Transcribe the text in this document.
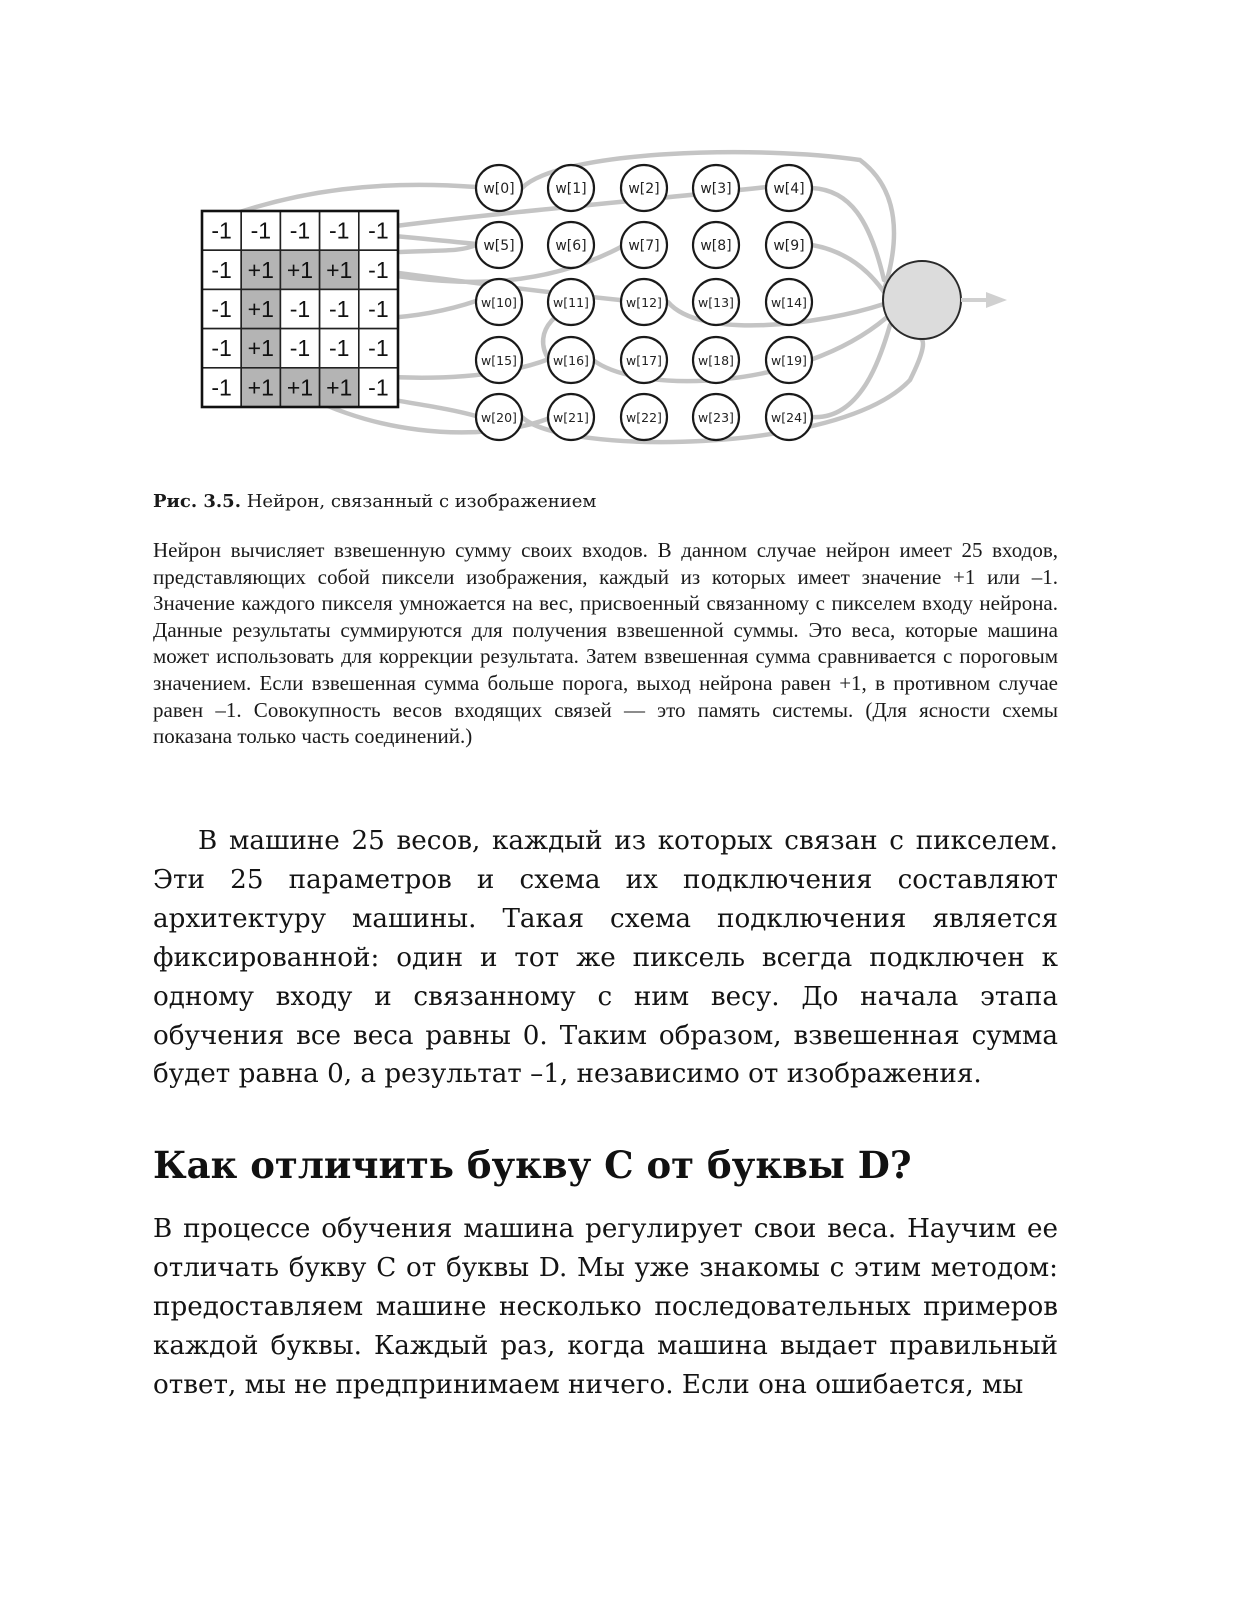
-1 -1 -1 -1 -1
-1 +1 +1 +1 -1
-1 +1 -1 -1 -1
-1 +1 -1 -1 -1
-1 +1 +1 +1 -1
w[0]	w[1]	w[2]	w[3]	w[4]
w[5]	w[6]	w[7]	w[8]	w[9]
w[10]	w[11]	w[12]	w[13]	w[14]
w[15]	w[16]	w[17]	w[18]	w[19]
w[20]	w[21]	w[22]	w[23]	w[24]
Рис. 3.5. Нейрон, связанный с изображением
Нейрон вычисляет взвешенную сумму своих входов. В данном случае нейрон имеет 25 входов, представляющих собой пиксели изображения, каждый из которых имеет значение +1 или –1. Значение каждого пикселя умножается на вес, присвоенный связанному с пикселем входу нейрона. Данные результаты суммируются для получения взвешенной суммы. Это веса, которые машина может использовать для коррекции результата. Затем взвешенная сумма сравнивается с пороговым значением. Если взвешенная сумма больше порога, выход нейрона равен +1, в противном случае равен –1. Совокупность весов входящих связей — это память системы. (Для ясности схемы показана только часть соединений.)

В машине 25 весов, каждый из которых связан с пикселем. Эти 25 параметров и схема их подключения составляют архитектуру машины. Такая схема подключения является фиксированной: один и тот же пиксель всегда подключен к одному входу и связанному с ним весу. До начала этапа обучения все веса равны 0. Таким образом, взвешенная сумма будет равна 0, а результат –1, независимо от изображения.

Как отличить букву C от буквы D?

В процессе обучения машина регулирует свои веса. Научим ее отличать букву C от буквы D. Мы уже знакомы с этим методом: предоставляем машине несколько последовательных примеров каждой буквы. Каждый раз, когда машина выдает правильный ответ, мы не предпринимаем ничего. Если она ошибается, мы
